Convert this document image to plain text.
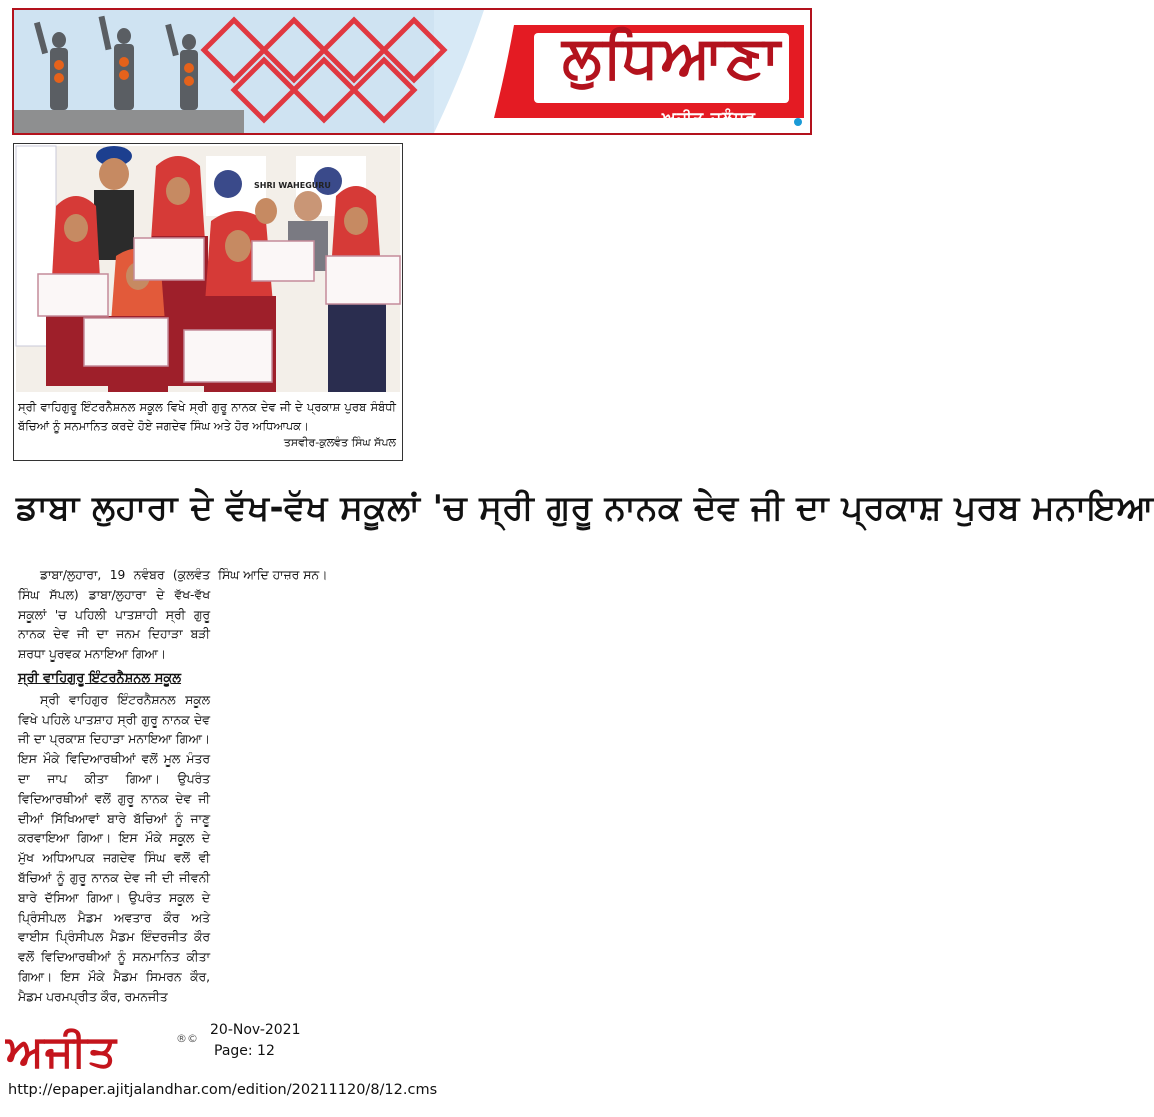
ਲੁਧਿਆਣਾ
ਅਜੀਤ ਜਲੰਧਰ
SHRI WAHEGURU
ਸ੍ਰੀ ਵਾਹਿਗੁਰੂ ਇੰਟਰਨੈਸ਼ਨਲ ਸਕੂਲ ਵਿਖੇ ਸ੍ਰੀ ਗੁਰੂ ਨਾਨਕ ਦੇਵ ਜੀ ਦੇ ਪ੍ਰਕਾਸ਼ ਪੁਰਬ ਸੰਬੰਧੀ ਬੱਚਿਆਂ ਨੂੰ ਸਨਮਾਨਿਤ ਕਰਦੇ ਹੋਏ ਜਗਦੇਵ ਸਿੰਘ ਅਤੇ ਹੋਰ ਅਧਿਆਪਕ।
ਤਸਵੀਰ-ਕੁਲਵੰਤ ਸਿੰਘ ਸੱਪਲ
ਡਾਬਾ ਲੁਹਾਰਾ ਦੇ ਵੱਖ-ਵੱਖ ਸਕੂਲਾਂ 'ਚ ਸ੍ਰੀ ਗੁਰੂ ਨਾਨਕ ਦੇਵ ਜੀ ਦਾ ਪ੍ਰਕਾਸ਼ ਪੁਰਬ ਮਨਾਇਆ

ਡਾਬਾ/ਲੁਹਾਰਾ, 19 ਨਵੰਬਰ (ਕੁਲਵੰਤ ਸਿੰਘ ਸੱਪਲ) ਡਾਬਾ/ਲੁਹਾਰਾ ਦੇ ਵੱਖ-ਵੱਖ ਸਕੂਲਾਂ 'ਚ ਪਹਿਲੀ ਪਾਤਸ਼ਾਹੀ ਸ੍ਰੀ ਗੁਰੂ ਨਾਨਕ ਦੇਵ ਜੀ ਦਾ ਜਨਮ ਦਿਹਾੜਾ ਬੜੀ ਸ਼ਰਧਾ ਪੂਰਵਕ ਮਨਾਇਆ ਗਿਆ।

ਸ੍ਰੀ ਵਾਹਿਗੁਰੂ ਇੰਟਰਨੈਸ਼ਨਲ ਸਕੂਲ

ਸ੍ਰੀ ਵਾਹਿਗੁਰ ਇੰਟਰਨੈਸ਼ਨਲ ਸਕੂਲ ਵਿਖੇ ਪਹਿਲੇ ਪਾਤਸ਼ਾਹ ਸ੍ਰੀ ਗੁਰੂ ਨਾਨਕ ਦੇਵ ਜੀ ਦਾ ਪ੍ਰਕਾਸ਼ ਦਿਹਾੜਾ ਮਨਾਇਆ ਗਿਆ। ਇਸ ਮੌਕੇ ਵਿਦਿਆਰਥੀਆਂ ਵਲੋਂ ਮੂਲ ਮੰਤਰ ਦਾ ਜਾਪ ਕੀਤਾ ਗਿਆ। ਉਪਰੰਤ ਵਿਦਿਆਰਥੀਆਂ ਵਲੋਂ ਗੁਰੂ ਨਾਨਕ ਦੇਵ ਜੀ ਦੀਆਂ ਸਿੱਖਿਆਵਾਂ ਬਾਰੇ ਬੱਚਿਆਂ ਨੂੰ ਜਾਣੂ ਕਰਵਾਇਆ ਗਿਆ। ਇਸ ਮੌਕੇ ਸਕੂਲ ਦੇ ਮੁੱਖ ਅਧਿਆਪਕ ਜਗਦੇਵ ਸਿੰਘ ਵਲੋਂ ਵੀ ਬੱਚਿਆਂ ਨੂੰ ਗੁਰੂ ਨਾਨਕ ਦੇਵ ਜੀ ਦੀ ਜੀਵਨੀ ਬਾਰੇ ਦੱਸਿਆ ਗਿਆ। ਉਪਰੰਤ ਸਕੂਲ ਦੇ ਪ੍ਰਿੰਸੀਪਲ ਮੈਡਮ ਅਵਤਾਰ ਕੌਰ ਅਤੇ ਵਾਈਸ ਪ੍ਰਿੰਸੀਪਲ ਮੈਡਮ ਇੰਦਰਜੀਤ ਕੌਰ ਵਲੋਂ ਵਿਦਿਆਰਥੀਆਂ ਨੂੰ ਸਨਮਾਨਿਤ ਕੀਤਾ ਗਿਆ। ਇਸ ਮੌਕੇ ਮੈਡਮ ਸਿਮਰਨ ਕੌਰ, ਮੈਡਮ ਪਰਮਪ੍ਰੀਤ ਕੌਰ, ਰਮਨਜੀਤ

ਸਿੰਘ ਆਦਿ ਹਾਜ਼ਰ ਸਨ।

ਅਜੀਤ	®©
20-Nov-2021
Page: 12
http://epaper.ajitjalandhar.com/edition/20211120/8/12.cms
